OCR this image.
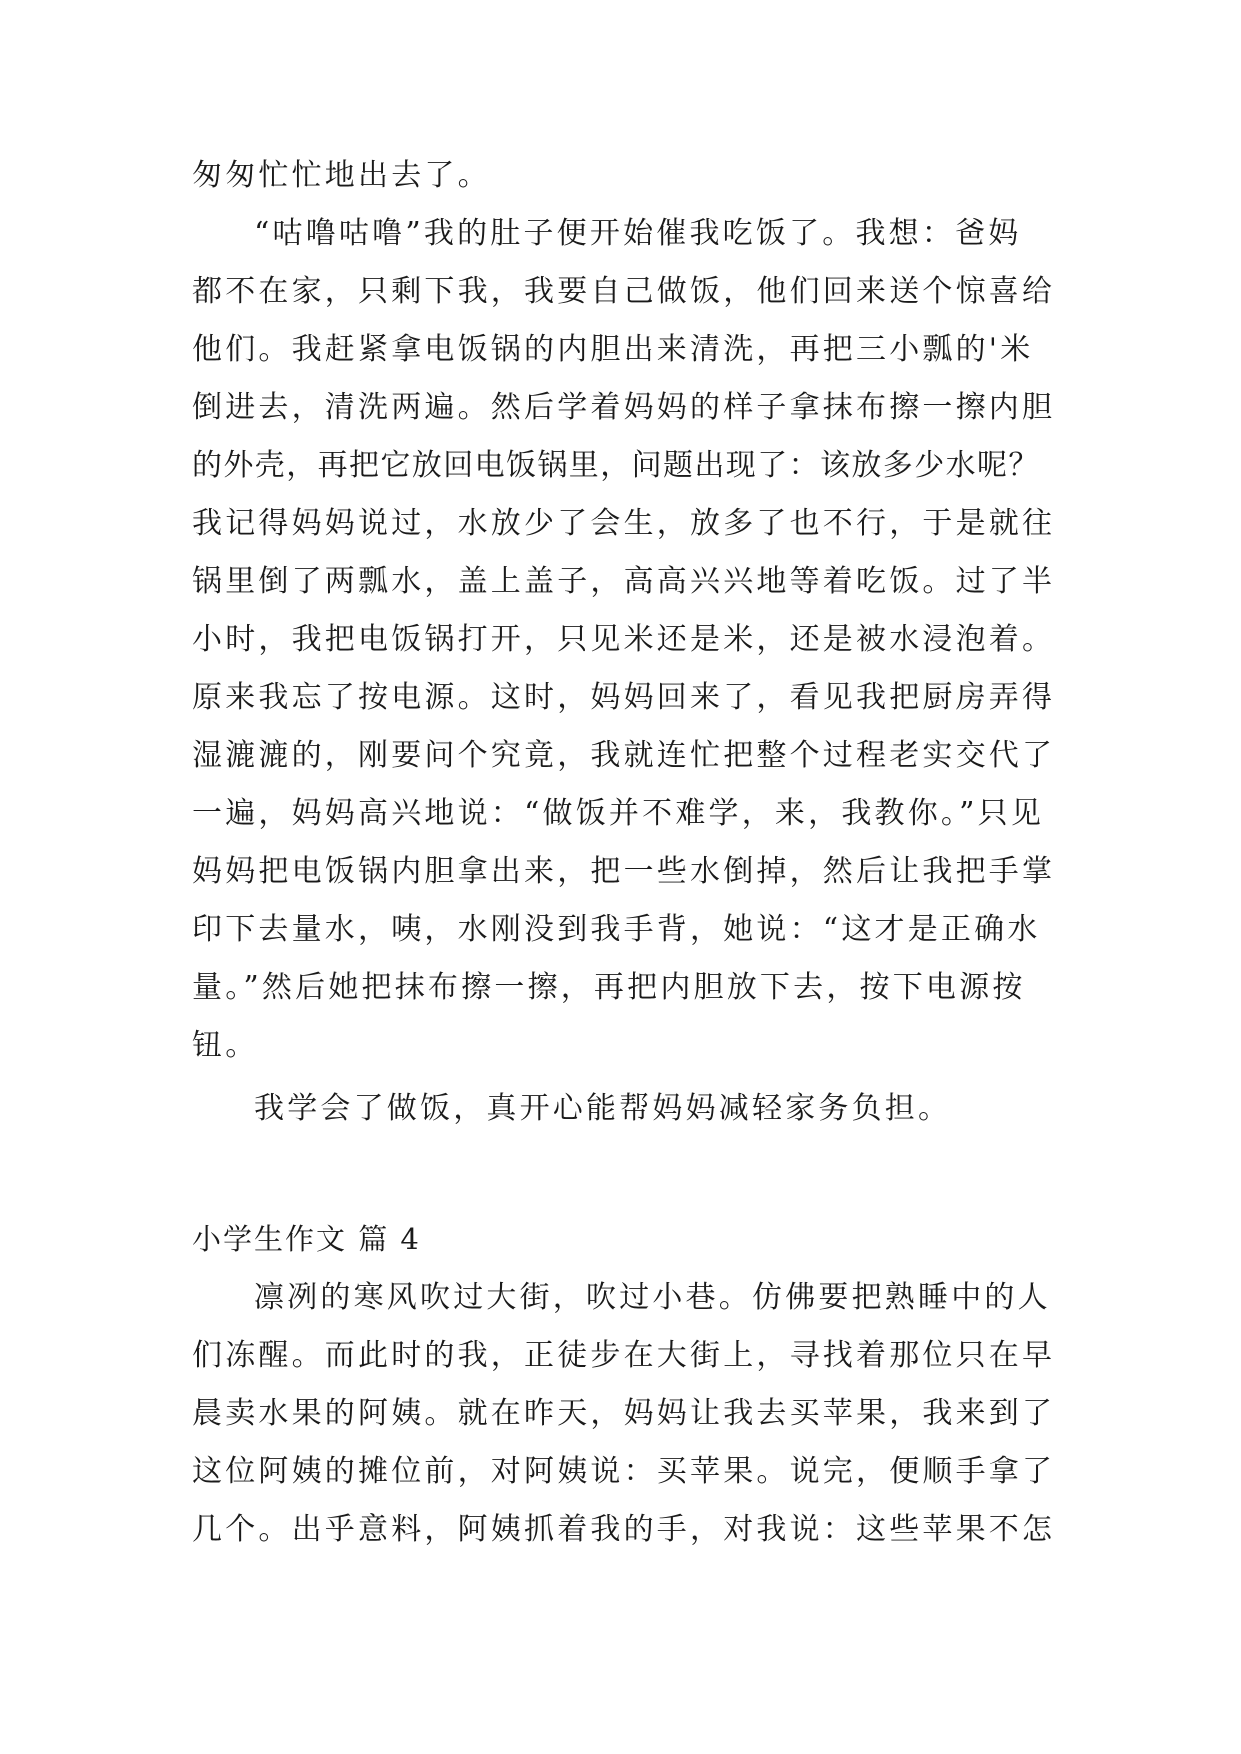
匆匆忙忙地出去了。
“咕噜咕噜”我的肚子便开始催我吃饭了。我想：爸妈
都不在家，只剩下我，我要自己做饭，他们回来送个惊喜给
他们。我赶紧拿电饭锅的内胆出来清洗，再把三小瓢的'米
倒进去，清洗两遍。然后学着妈妈的样子拿抹布擦一擦内胆
的外壳，再把它放回电饭锅里，问题出现了：该放多少水呢？
我记得妈妈说过，水放少了会生，放多了也不行，于是就往
锅里倒了两瓢水，盖上盖子，高高兴兴地等着吃饭。过了半
小时，我把电饭锅打开，只见米还是米，还是被水浸泡着。
原来我忘了按电源。这时，妈妈回来了，看见我把厨房弄得
湿漉漉的，刚要问个究竟，我就连忙把整个过程老实交代了
一遍，妈妈高兴地说：“做饭并不难学，来，我教你。”只见
妈妈把电饭锅内胆拿出来，把一些水倒掉，然后让我把手掌
印下去量水，咦，水刚没到我手背，她说：“这才是正确水
量。”然后她把抹布擦一擦，再把内胆放下去，按下电源按
钮。
我学会了做饭，真开心能帮妈妈减轻家务负担。
小学生作文 篇 4
凛冽的寒风吹过大街，吹过小巷。仿佛要把熟睡中的人
们冻醒。而此时的我，正徒步在大街上，寻找着那位只在早
晨卖水果的阿姨。就在昨天，妈妈让我去买苹果，我来到了
这位阿姨的摊位前，对阿姨说：买苹果。说完，便顺手拿了
几个。出乎意料，阿姨抓着我的手，对我说：这些苹果不怎
